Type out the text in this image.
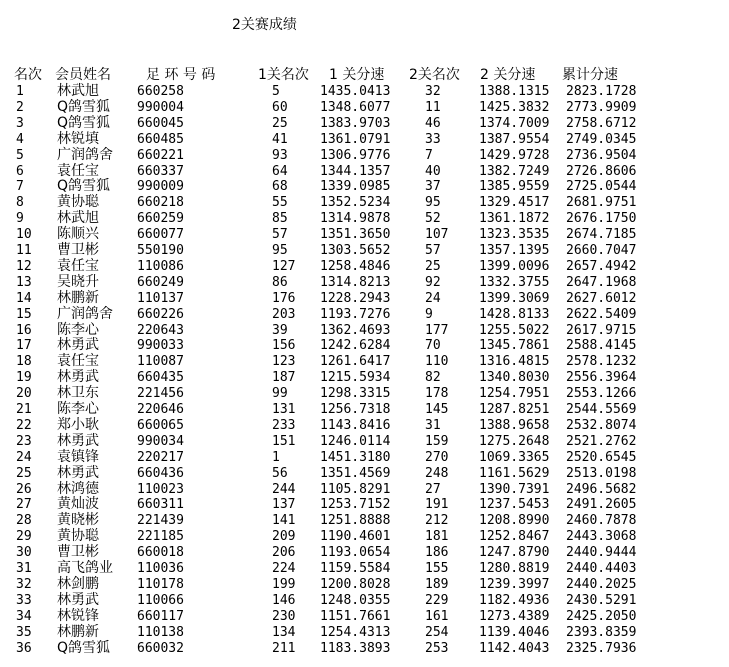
2关赛成绩
名次 会员姓名	足 环 号 码	1关名次 1 关分速 2关名次 2 关分速 累计分速
1 林武旭	660258	5	1435.0413	32	1388.1315 2823.1728
2 Q鸽雪狐 990004	60 1348.6077	11	1425.3832 2773.9909
3 Q鸽雪狐 660045	25 1383.9703	46	1374.7009 2758.6712
4 林锐填	660485	41 1361.0791	33	1387.9554 2749.0345
5 广润鸽舍 660221	93 1306.9776	7	1429.9728 2736.9504
6 袁任宝	660337	64 1344.1357	40	1382.7249 2726.8606
7 Q鸽雪狐 990009	68 1339.0985	37	1385.9559 2725.0544
8 黄协聪	660218	55 1352.5234	95	1329.4517 2681.9751
9 林武旭	660259	85 1314.9878	52	1361.1872 2676.1750
10 陈顺兴	660077	57 1351.3650	107 1323.3535 2674.7185
11 曹卫彬	550190	95 1303.5652	57	1357.1395 2660.7047
12 袁任宝	110086	127 1258.4846	25	1399.0096 2657.4942
13 吴晓升	660249	86 1314.8213	92	1332.3755 2647.1968
14 林鹏新	110137	176 1228.2943	24	1399.3069 2627.6012
15 广润鸽舍 660226	203 1193.7276	9	1428.8133 2622.5409
16 陈李心	220643	39 1362.4693	177 1255.5022 2617.9715
17 林勇武	990033	156 1242.6284	70	1345.7861 2588.4145
18 袁任宝	110087	123 1261.6417	110 1316.4815 2578.1232
19 林勇武	660435	187 1215.5934	82	1340.8030 2556.3964
20 林卫东	221456	99 1298.3315	178 1254.7951 2553.1266
21 陈李心	220646	131 1256.7318	145 1287.8251 2544.5569
22 郑小耿	660065	233 1143.8416	31	1388.9658 2532.8074
23 林勇武	990034	151 1246.0114	159 1275.2648 2521.2762
24 袁镇锋	220217	1	1451.3180	270 1069.3365 2520.6545
25 林勇武	660436	56 1351.4569	248 1161.5629 2513.0198
26 林鸿德	110023	244 1105.8291	27	1390.7391 2496.5682
27 黄灿波	660311	137 1253.7152	191 1237.5453 2491.2605
28 黄晓彬	221439	141 1251.8888	212 1208.8990 2460.7878
29 黄协聪	221185	209 1190.4601	181 1252.8467 2443.3068
30 曹卫彬	660018	206 1193.0654	186 1247.8790 2440.9444
31 高飞鸽业 110036	224 1159.5584	155 1280.8819 2440.4403
32 林剑鹏	110178	199 1200.8028	189 1239.3997 2440.2025
33 林勇武	110066	146 1248.0355	229 1182.4936 2430.5291
34 林锐锋	660117	230 1151.7661	161 1273.4389 2425.2050
35 林鹏新	110138	134 1254.4313	254 1139.4046 2393.8359
36 Q鸽雪狐 660032	211 1183.3893	253 1142.4043 2325.7936
